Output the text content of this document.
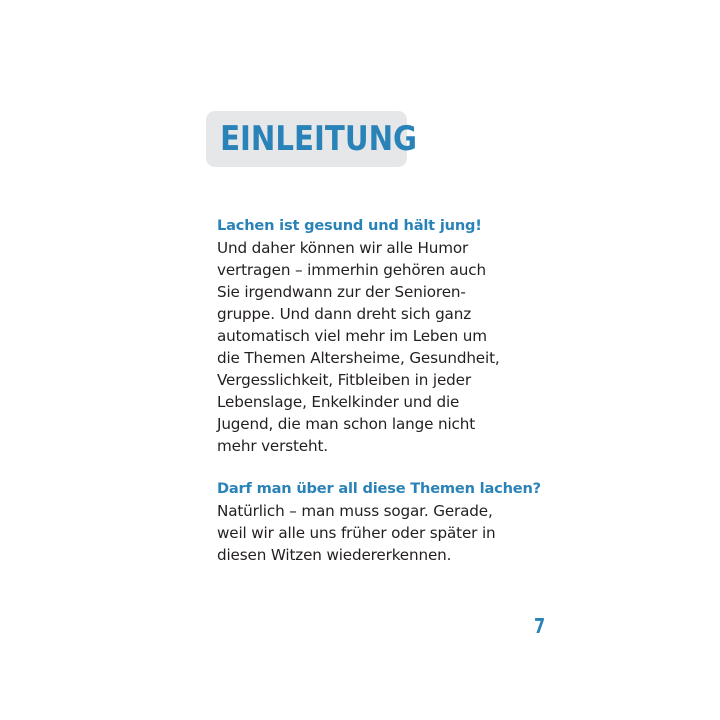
EINLEITUNG
Lachen ist gesund und hält jung!
Und daher können wir alle Humor
vertragen – immerhin gehören auch
Sie irgendwann zur der Senioren-
gruppe. Und dann dreht sich ganz
automatisch viel mehr im Leben um
die Themen Altersheime, Gesundheit,
Vergesslichkeit, Fitbleiben in jeder
Lebenslage, Enkelkinder und die
Jugend, die man schon lange nicht
mehr versteht.
Darf man über all diese Themen lachen?
Natürlich – man muss sogar. Gerade,
weil wir alle uns früher oder später in
diesen Witzen wiedererkennen.
7
